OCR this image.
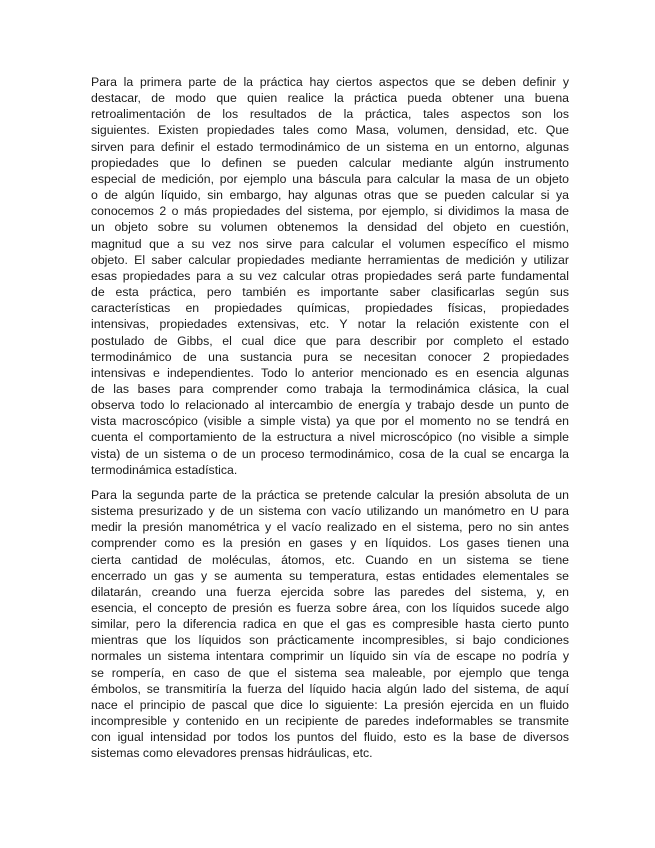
Para la primera parte de la práctica hay ciertos aspectos que se deben definir y
destacar, de modo que quien realice la práctica pueda obtener una buena
retroalimentación de los resultados de la práctica, tales aspectos son los
siguientes. Existen propiedades tales como Masa, volumen, densidad, etc. Que
sirven para definir el estado termodinámico de un sistema en un entorno, algunas
propiedades que lo definen se pueden calcular mediante algún instrumento
especial de medición, por ejemplo una báscula para calcular la masa de un objeto
o de algún líquido, sin embargo, hay algunas otras que se pueden calcular si ya
conocemos 2 o más propiedades del sistema, por ejemplo, si dividimos la masa de
un objeto sobre su volumen obtenemos la densidad del objeto en cuestión,
magnitud que a su vez nos sirve para calcular el volumen específico el mismo
objeto. El saber calcular propiedades mediante herramientas de medición y utilizar
esas propiedades para a su vez calcular otras propiedades será parte fundamental
de esta práctica, pero también es importante saber clasificarlas según sus
características en propiedades químicas, propiedades físicas, propiedades
intensivas, propiedades extensivas, etc. Y notar la relación existente con el
postulado de Gibbs, el cual dice que para describir por completo el estado
termodinámico de una sustancia pura se necesitan conocer 2 propiedades
intensivas e independientes. Todo lo anterior mencionado es en esencia algunas
de las bases para comprender como trabaja la termodinámica clásica, la cual
observa todo lo relacionado al intercambio de energía y trabajo desde un punto de
vista macroscópico (visible a simple vista) ya que por el momento no se tendrá en
cuenta el comportamiento de la estructura a nivel microscópico (no visible a simple
vista) de un sistema o de un proceso termodinámico, cosa de la cual se encarga la
termodinámica estadística.
Para la segunda parte de la práctica se pretende calcular la presión absoluta de un
sistema presurizado y de un sistema con vacío utilizando un manómetro en U para
medir la presión manométrica y el vacío realizado en el sistema, pero no sin antes
comprender como es la presión en gases y en líquidos. Los gases tienen una
cierta cantidad de moléculas, átomos, etc. Cuando en un sistema se tiene
encerrado un gas y se aumenta su temperatura, estas entidades elementales se
dilatarán, creando una fuerza ejercida sobre las paredes del sistema, y, en
esencia, el concepto de presión es fuerza sobre área, con los líquidos sucede algo
similar, pero la diferencia radica en que el gas es compresible hasta cierto punto
mientras que los líquidos son prácticamente incompresibles, si bajo condiciones
normales un sistema intentara comprimir un líquido sin vía de escape no podría y
se rompería, en caso de que el sistema sea maleable, por ejemplo que tenga
émbolos, se transmitiría la fuerza del líquido hacia algún lado del sistema, de aquí
nace el principio de pascal que dice lo siguiente: La presión ejercida en un fluido
incompresible y contenido en un recipiente de paredes indeformables se transmite
con igual intensidad por todos los puntos del fluido, esto es la base de diversos
sistemas como elevadores prensas hidráulicas, etc.
